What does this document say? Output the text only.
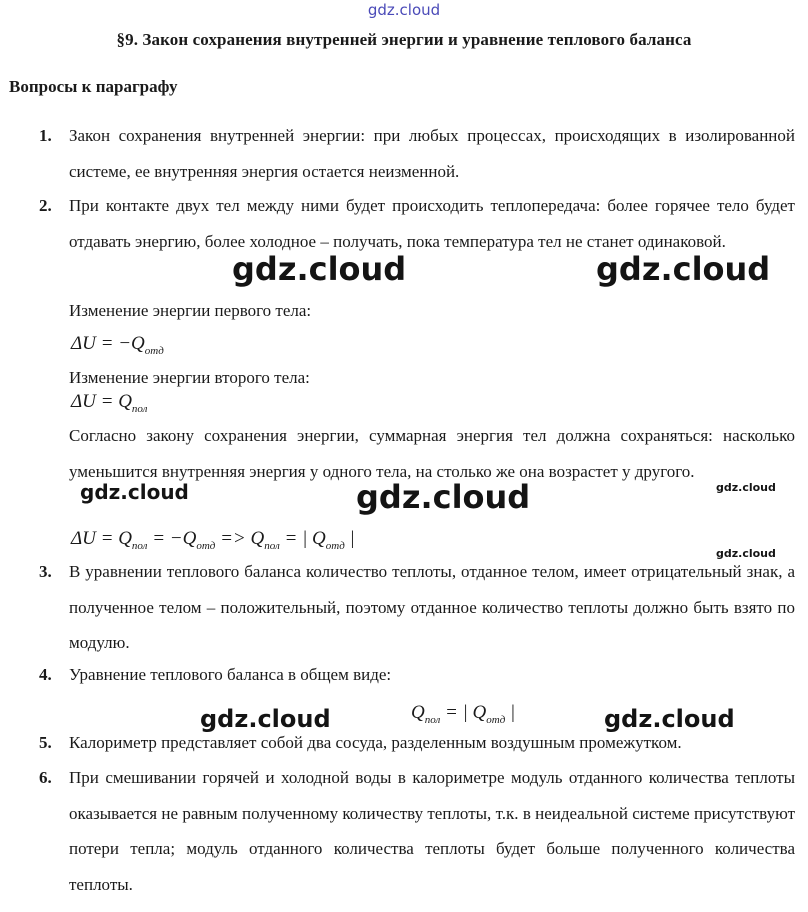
gdz.cloud
§9. Закон сохранения внутренней энергии и уравнение теплового баланса
Вопросы к параграфу
1. Закон сохранения внутренней энергии: при любых процессах, происходящих в изолированной системе, ее внутренняя энергия остается неизменной.
2. При контакте двух тел между ними будет происходить теплопередача: более горячее тело будет отдавать энергию, более холодное – получать, пока температура тел не станет одинаковой.
Изменение энергии первого тела:
$\Delta U = -Q_{отд}$
Изменение энергии второго тела:
$\Delta U = Q_{пол}$
Согласно закону сохранения энергии, суммарная энергия тел должна сохраняться: насколько уменьшится внутренняя энергия у одного тела, на столько же она возрастет у другого.
$\Delta U = Q_{пол} = -Q_{отд} => Q_{пол}$ = | $Q_{отд}$ |
3. В уравнении теплового баланса количество теплоты, отданное телом, имеет отрицательный знак, а полученное телом – положительный, поэтому отданное количество теплоты должно быть взято по модулю.
4. Уравнение теплового баланса в общем виде:
$Q_{пол}$ = | $Q_{отд}$ |
5. Калориметр представляет собой два сосуда, разделенным воздушным промежутком.
6. При смешивании горячей и холодной воды в калориметре модуль отданного количества теплоты оказывается не равным полученному количеству теплоты, т.к. в неидеальной системе присутствуют потери тепла; модуль отданного количества теплоты будет больше полученного количества теплоты.
gdz.cloud	gdz.cloud
gdz.cloud	gdz.cloud	gdz.cloud
gdz.cloud
gdz.cloud	gdz.cloud
